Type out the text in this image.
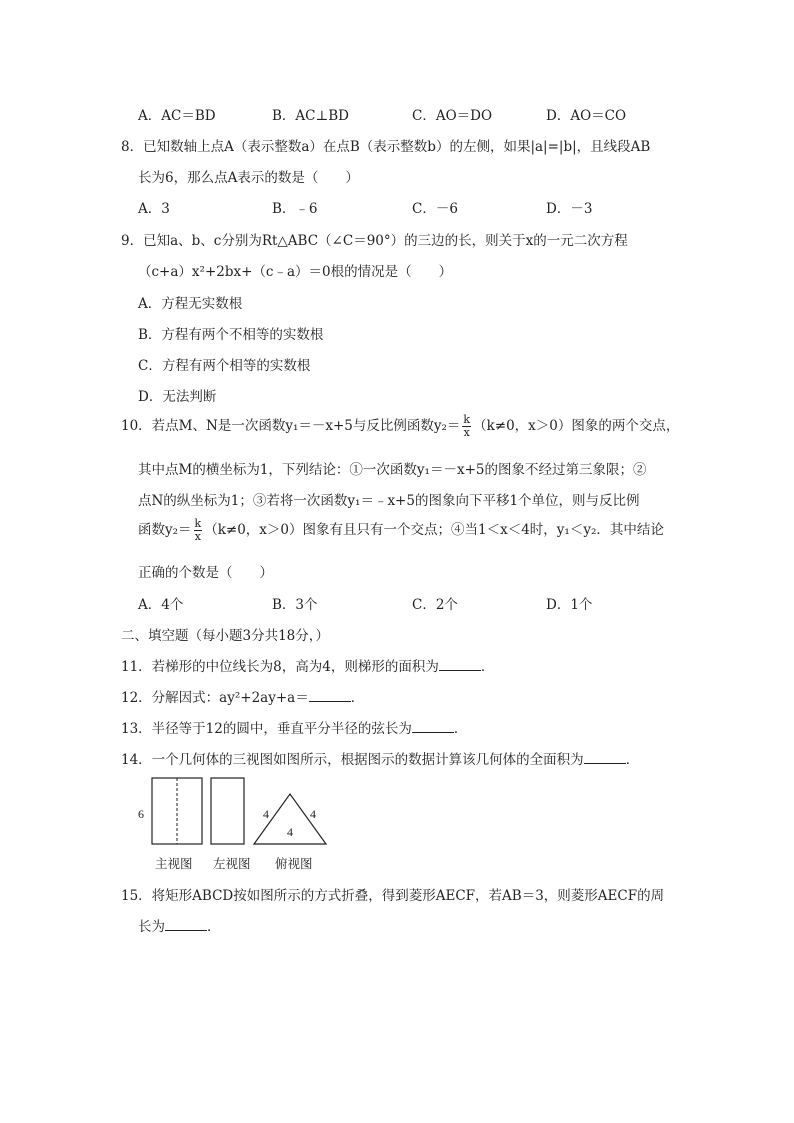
A．AC＝BD	B．AC⊥BD	C．AO＝DO	D．AO＝CO
8．已知数轴上点A（表示整数a）在点B（表示整数b）的左侧，如果|a|=|b|，且线段AB
长为6，那么点A表示的数是（　　）
A．3	B．﹣6	C．－6	D．－3
9．已知a、b、c分别为Rt△ABC（∠C＝90°）的三边的长，则关于x的一元二次方程
（c+a）x²+2bx+（c﹣a）＝0根的情况是（　　）
A．方程无实数根
B．方程有两个不相等的实数根
C．方程有两个相等的实数根
D．无法判断
10．若点M、N是一次函数y₁＝－x+5与反比例函数$y_2= \frac{k}{x} (k\ne 0$，x＞0）图象的两个交点，
其中点M的横坐标为1，下列结论：①一次函数y₁＝－x+5的图象不经过第三象限；②
点N的纵坐标为1；③若将一次函数y₁＝﹣x+5的图象向下平移1个单位，则与反比例
函数$y_2= \frac{k}{x} (k\ne 0$，x＞0）图象有且只有一个交点；④当1＜x＜4时，y₁＜y₂．其中结论
正确的个数是（　　）
A．4个	B．3个	C．2个	D．1个
二、填空题（每小题3分共18分，）
11．若梯形的中位线长为8，高为4，则梯形的面积为	．
12．分解因式：ay²+2ay+a＝	．
13．半径等于12的圆中，垂直平分半径的弦长为	．
14．一个几何体的三视图如图所示，根据图示的数据计算该几何体的全面积为	．
6	4	4
4
主视图 左视图 俯视图
15．将矩形ABCD按如图所示的方式折叠，得到菱形AECF，若AB＝3，则菱形AECF的周
长为	．
